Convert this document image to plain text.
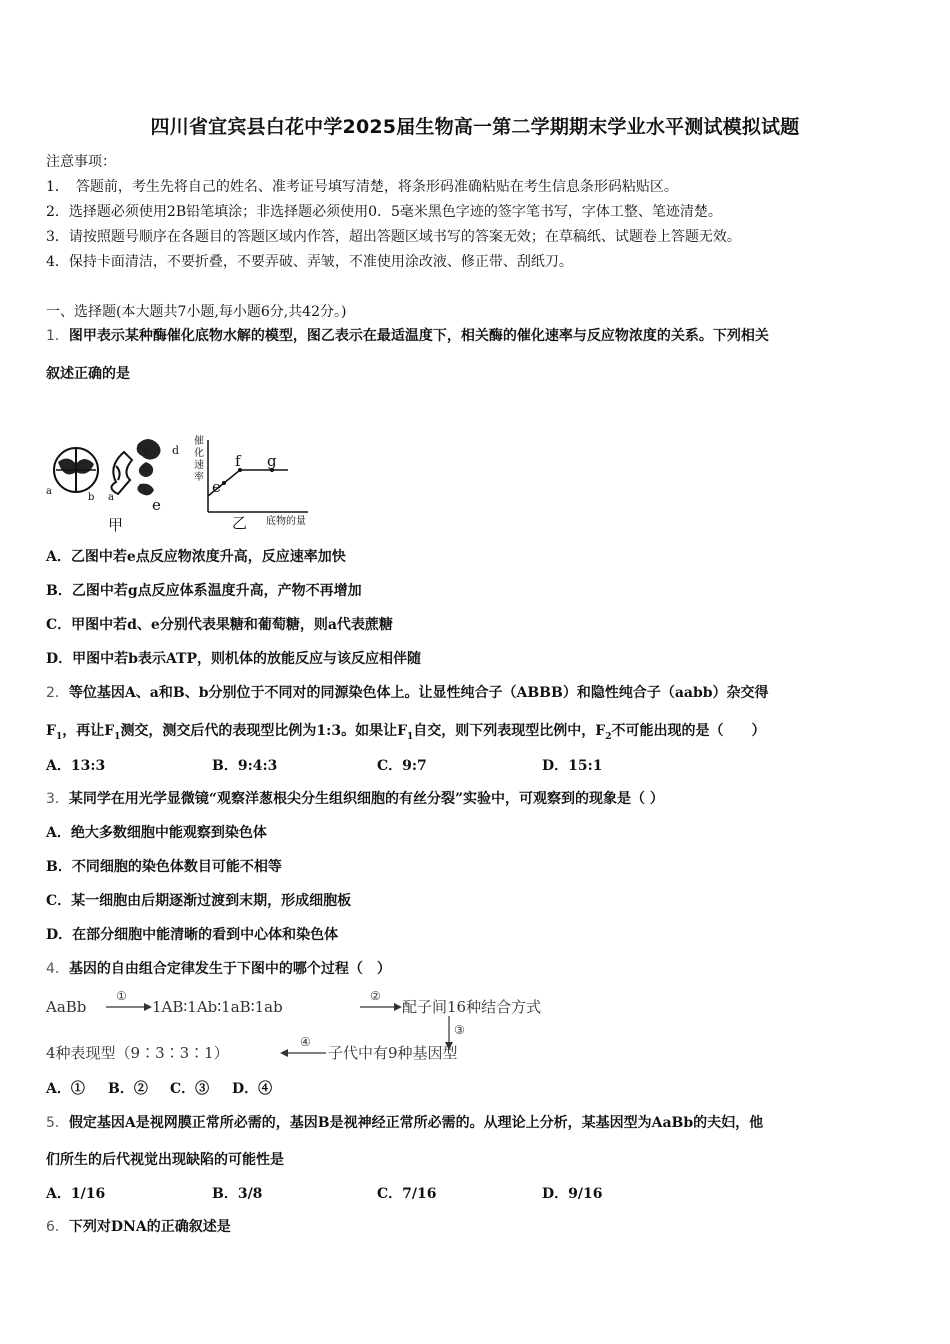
四川省宜宾县白花中学2025届生物高一第二学期期末学业水平测试模拟试题
注意事项：
1．　答题前，考生先将自己的姓名、准考证号填写清楚，将条形码准确粘贴在考生信息条形码粘贴区。
2．选择题必须使用2B铅笔填涂；非选择题必须使用0．5毫米黑色字迹的签字笔书写，字体工整、笔迹清楚。
3．请按照题号顺序在各题目的答题区域内作答，超出答题区域书写的答案无效；在草稿纸、试题卷上答题无效。
4．保持卡面清洁，不要折叠，不要弄破、弄皱，不准使用涂改液、修正带、刮纸刀。
一、选择题(本大题共7小题,每小题6分,共42分。)
1．图甲表示某种酶催化底物水解的模型，图乙表示在最适温度下，相关酶的催化速率与反应物浓度的关系。下列相关
叙述正确的是
a
b a
c d
e
甲
催
化
速
率
e
f g
乙 底物的量
A．乙图中若e点反应物浓度升高，反应速率加快
B．乙图中若g点反应体系温度升高，产物不再增加
C．甲图中若d、e分别代表果糖和葡萄糖，则a代表蔗糖
D．甲图中若b表示ATP，则机体的放能反应与该反应相伴随
2．等位基因A、a和B、b分别位于不同对的同源染色体上。让显性纯合子（ABBB）和隐性纯合子（aabb）杂交得
$F_1$，再让$F_1$测交，测交后代的表现型比例为1:3。如果让$F_1$自交，则下列表现型比例中，$F_2$不可能出现的是（　　）
A．13:3	B．9:4:3	C．9:7	D．15:1
3．某同学在用光学显微镜“观察洋葱根尖分生组织细胞的有丝分裂”实验中，可观察到的现象是（ ）
A．绝大多数细胞中能观察到染色体
B．不同细胞的染色体数目可能不相等
C．某一细胞由后期逐渐过渡到末期，形成细胞板
D．在部分细胞中能清晰的看到中心体和染色体
4．基因的自由组合定律发生于下图中的哪个过程（　）
AaBb
①
1AB∶1Ab∶1aB∶1ab
②
配子间16种结合方式
③
子代中有9种基因型
④
4种表现型（9∶3∶3∶1）
A．① B．② C．③ D．④
5．假定基因A是视网膜正常所必需的，基因B是视神经正常所必需的。从理论上分析，某基因型为AaBb的夫妇，他
们所生的后代视觉出现缺陷的可能性是
A．1/16	B．3/8	C．7/16	D．9/16
6．下列对DNA的正确叙述是
